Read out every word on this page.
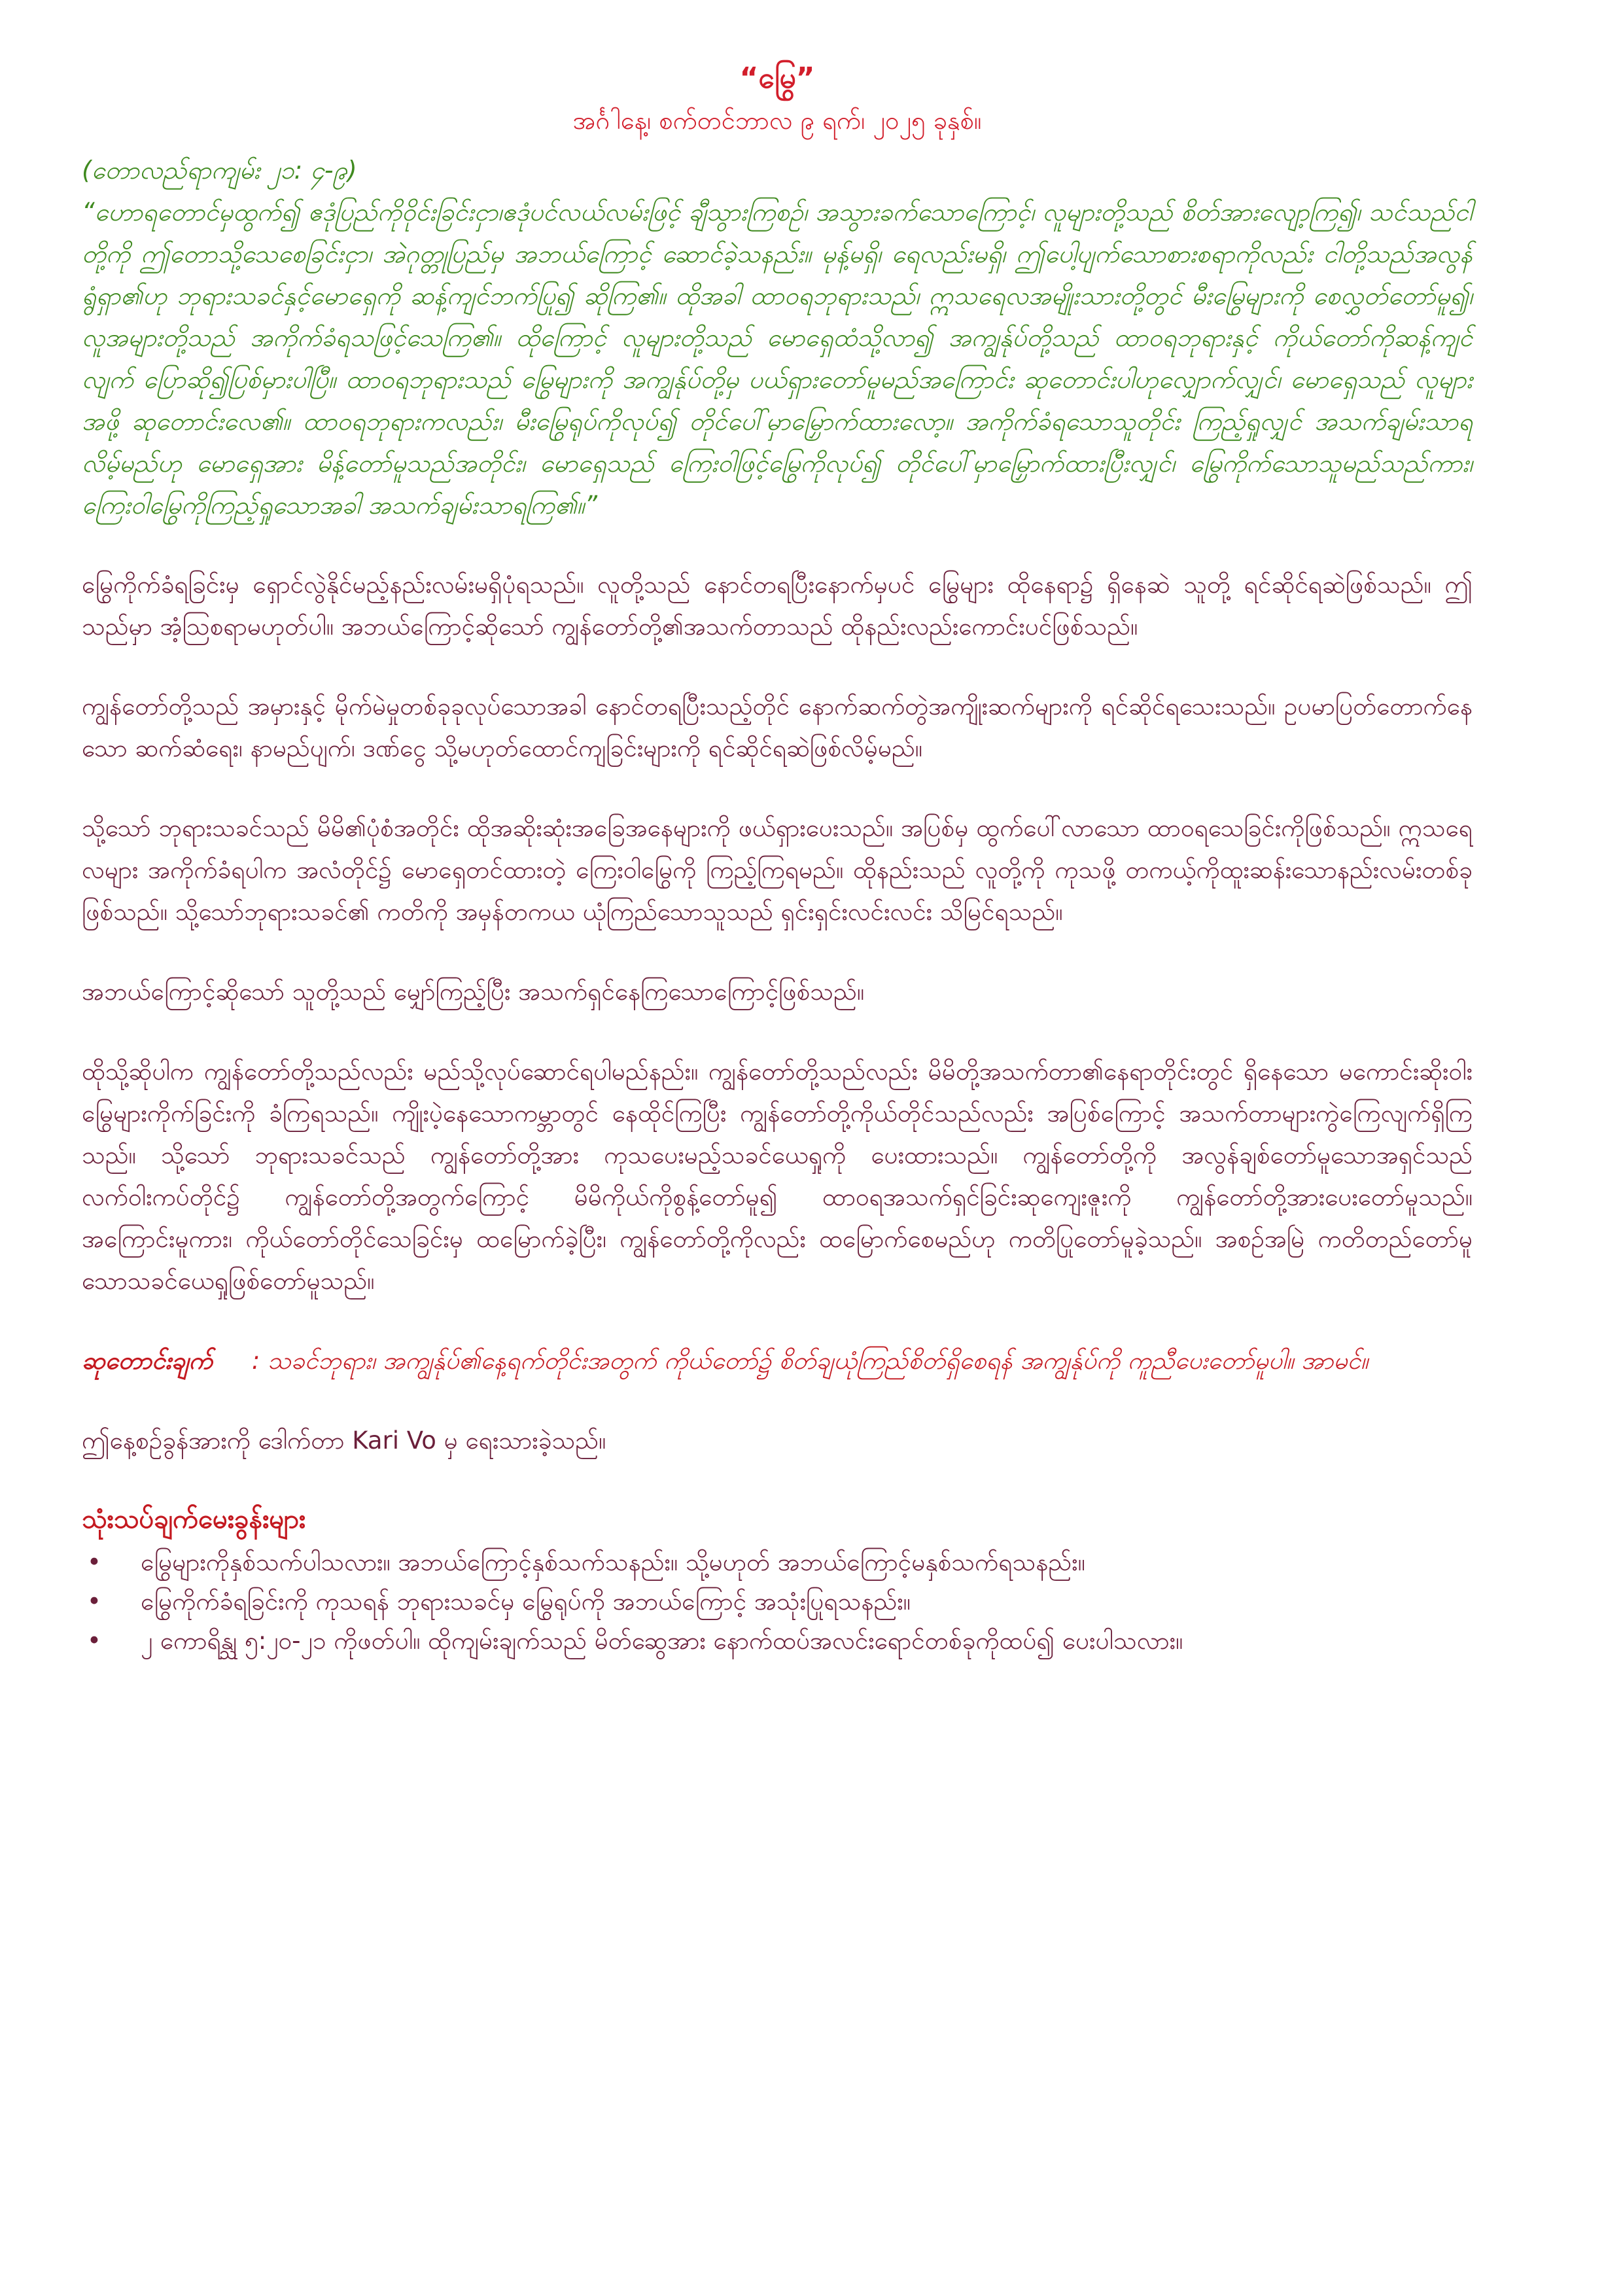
“မြွေ”

အင်္ဂါနေ့၊ စက်တင်ဘာလ ၉ ရက်၊ ၂၀၂၅ ခုနှစ်။

(တောလည်ရာကျမ်း ၂၁: ၄-၉)

“ဟောရတောင်မှထွက်၍ ဧဒုံပြည်ကိုဝိုင်းခြင်းငှာ၊ဧဒုံပင်လယ်လမ်းဖြင့် ချီသွားကြစဉ်၊ အသွားခက်သောကြောင့်၊ လူများတို့သည် စိတ်အားလျော့ကြ၍၊ သင်သည်ငါတို့ကို ဤတောသို့သေစေခြင်းငှာ၊ အဲဂုတ္တုပြည်မှ အဘယ်ကြောင့် ဆောင်ခဲ့သနည်း။ မုန့်မရှိ၊ ရေလည်းမရှိ၊ ဤပေါ့ပျက်သောစားစရာကိုလည်း ငါတို့သည်အလွန်ရွံရှာ၏ဟု ဘုရားသခင်နှင့်မောရှေကို ဆန့်ကျင်ဘက်ပြု၍ ဆိုကြ၏။ ထိုအခါ ထာဝရဘုရားသည်၊ ဣသရေလအမျိုးသားတို့တွင် မီးမြွေများကို စေလွှတ်တော်မူ၍၊ လူအများတို့သည် အကိုက်ခံရသဖြင့်သေကြ၏။ ထိုကြောင့် လူများတို့သည် မောရှေထံသို့လာ၍ အကျွန်ုပ်တို့သည် ထာဝရဘုရားနှင့် ကိုယ်တော်ကိုဆန့်ကျင်လျက် ပြောဆို၍ပြစ်မှားပါပြီ။ ထာဝရဘုရားသည် မြွေများကို အကျွန်ုပ်တို့မှ ပယ်ရှားတော်မူမည်အကြောင်း ဆုတောင်းပါဟုလျှောက်လျှင်၊ မောရှေသည် လူများအဖို့ ဆုတောင်းလေ၏။ ထာဝရဘုရားကလည်း၊ မီးမြွေရုပ်ကိုလုပ်၍ တိုင်ပေါ်မှာမြှောက်ထားလော့။ အကိုက်ခံရသောသူတိုင်း ကြည့်ရှုလျှင် အသက်ချမ်းသာရလိမ့်မည်ဟု မောရှေအား မိန့်တော်မူသည်အတိုင်း၊ မောရှေသည် ကြေးဝါဖြင့်မြွေကိုလုပ်၍ တိုင်ပေါ်မှာမြှောက်ထားပြီးလျှင်၊ မြွေကိုက်သောသူမည်သည်ကား၊ ကြေးဝါမြွေကိုကြည့်ရှုသောအခါ အသက်ချမ်းသာရကြ၏။”

မြွေကိုက်ခံရခြင်းမှ ရှောင်လွဲနိုင်မည့်နည်းလမ်းမရှိပုံရသည်။ လူတို့သည် နောင်တရပြီးနောက်မှပင် မြွေများ ထိုနေရာ၌ ရှိနေဆဲ သူတို့ ရင်ဆိုင်ရဆဲဖြစ်သည်။ ဤသည်မှာ အံ့ဩစရာမဟုတ်ပါ။ အဘယ်ကြောင့်ဆိုသော် ကျွန်တော်တို့၏အသက်တာသည် ထိုနည်းလည်းကောင်းပင်ဖြစ်သည်။

ကျွန်တော်တို့သည် အမှားနှင့် မိုက်မဲမှုတစ်ခုခုလုပ်သောအခါ နောင်တရပြီးသည့်တိုင် နောက်ဆက်တွဲအကျိုးဆက်များကို ရင်ဆိုင်ရသေးသည်။ ဥပမာပြတ်တောက်နေသော ဆက်ဆံရေး၊ နာမည်ပျက်၊ ဒဏ်ငွေ သို့မဟုတ်ထောင်ကျခြင်းများကို ရင်ဆိုင်ရဆဲဖြစ်လိမ့်မည်။

သို့သော် ဘုရားသခင်သည် မိမိ၏ပုံစံအတိုင်း ထိုအဆိုးဆုံးအခြေအနေများကို ဖယ်ရှားပေးသည်။ အပြစ်မှ ထွက်ပေါ်လာသော ထာဝရသေခြင်းကိုဖြစ်သည်။ ဣသရေလများ အကိုက်ခံရပါက အလံတိုင်၌ မောရှေတင်ထားတဲ့ ကြေးဝါမြွေကို ကြည့်ကြရမည်။ ထိုနည်းသည် လူတို့ကို ကုသဖို့ တကယ့်ကိုထူးဆန်းသောနည်းလမ်းတစ်ခုဖြစ်သည်။ သို့သော်ဘုရားသခင်၏ ကတိကို အမှန်တကယ ယုံကြည်သောသူသည် ရှင်းရှင်းလင်းလင်း သိမြင်ရသည်။

အဘယ်ကြောင့်ဆိုသော် သူတို့သည် မျှော်ကြည့်ပြီး အသက်ရှင်နေကြသောကြောင့်ဖြစ်သည်။

ထိုသို့ဆိုပါက ကျွန်တော်တို့သည်လည်း မည်သို့လုပ်ဆောင်ရပါမည်နည်း။ ကျွန်တော်တို့သည်လည်း မိမိတို့အသက်တာ၏နေရာတိုင်းတွင် ရှိနေသော မကောင်းဆိုးဝါးမြွေများကိုက်ခြင်းကို ခံကြရသည်။ ကျိုးပဲ့နေသောကမ္ဘာတွင် နေထိုင်ကြပြီး ကျွန်တော်တို့ကိုယ်တိုင်သည်လည်း အပြစ်ကြောင့် အသက်တာများကွဲကြေလျက်ရှိကြသည်။ သို့သော် ဘုရားသခင်သည် ကျွန်တော်တို့အား ကုသပေးမည့်သခင်ယေရှုကို ပေးထားသည်။ ကျွန်တော်တို့ကို အလွန်ချစ်တော်မူသောအရှင်သည် လက်ဝါးကပ်တိုင်၌ ကျွန်တော်တို့အတွက်ကြောင့် မိမိကိုယ်ကိုစွန့်တော်မူ၍ ထာဝရအသက်ရှင်ခြင်းဆုကျေးဇူးကို ကျွန်တော်တို့အားပေးတော်မူသည်။ အကြောင်းမူကား၊ ကိုယ်တော်တိုင်သေခြင်းမှ ထမြောက်ခဲ့ပြီး၊ ကျွန်တော်တို့ကိုလည်း ထမြောက်စေမည်ဟု ကတိပြုတော်မူခဲ့သည်။ အစဉ်အမြဲ ကတိတည်တော်မူသောသခင်ယေရှုဖြစ်တော်မူသည်။

ဆုတောင်းချက် : သခင်ဘုရား၊ အကျွန်ုပ်၏နေ့ရက်တိုင်းအတွက် ကိုယ်တော်၌ စိတ်ချယုံကြည်စိတ်ရှိစေရန် အကျွန်ုပ်ကို ကူညီပေးတော်မူပါ။ အာမင်။

ဤနေ့စဉ်ခွန်အားကို ဒေါက်တာ Kari Vo မှ ရေးသားခဲ့သည်။

သုံးသပ်ချက်မေးခွန်းများ

• မြွေများကိုနှစ်သက်ပါသလား။ အဘယ်ကြောင့်နှစ်သက်သနည်း။ သို့မဟုတ် အဘယ်ကြောင့်မနှစ်သက်ရသနည်း။
• မြွေကိုက်ခံရခြင်းကို ကုသရန် ဘုရားသခင်မှ မြွေရုပ်ကို အဘယ်ကြောင့် အသုံးပြုရသနည်း။
• ၂ ကောရိန္သု ၅:၂၀-၂၁ ကိုဖတ်ပါ။ ထိုကျမ်းချက်သည် မိတ်ဆွေအား နောက်ထပ်အလင်းရောင်တစ်ခုကိုထပ်၍ ပေးပါသလား။
